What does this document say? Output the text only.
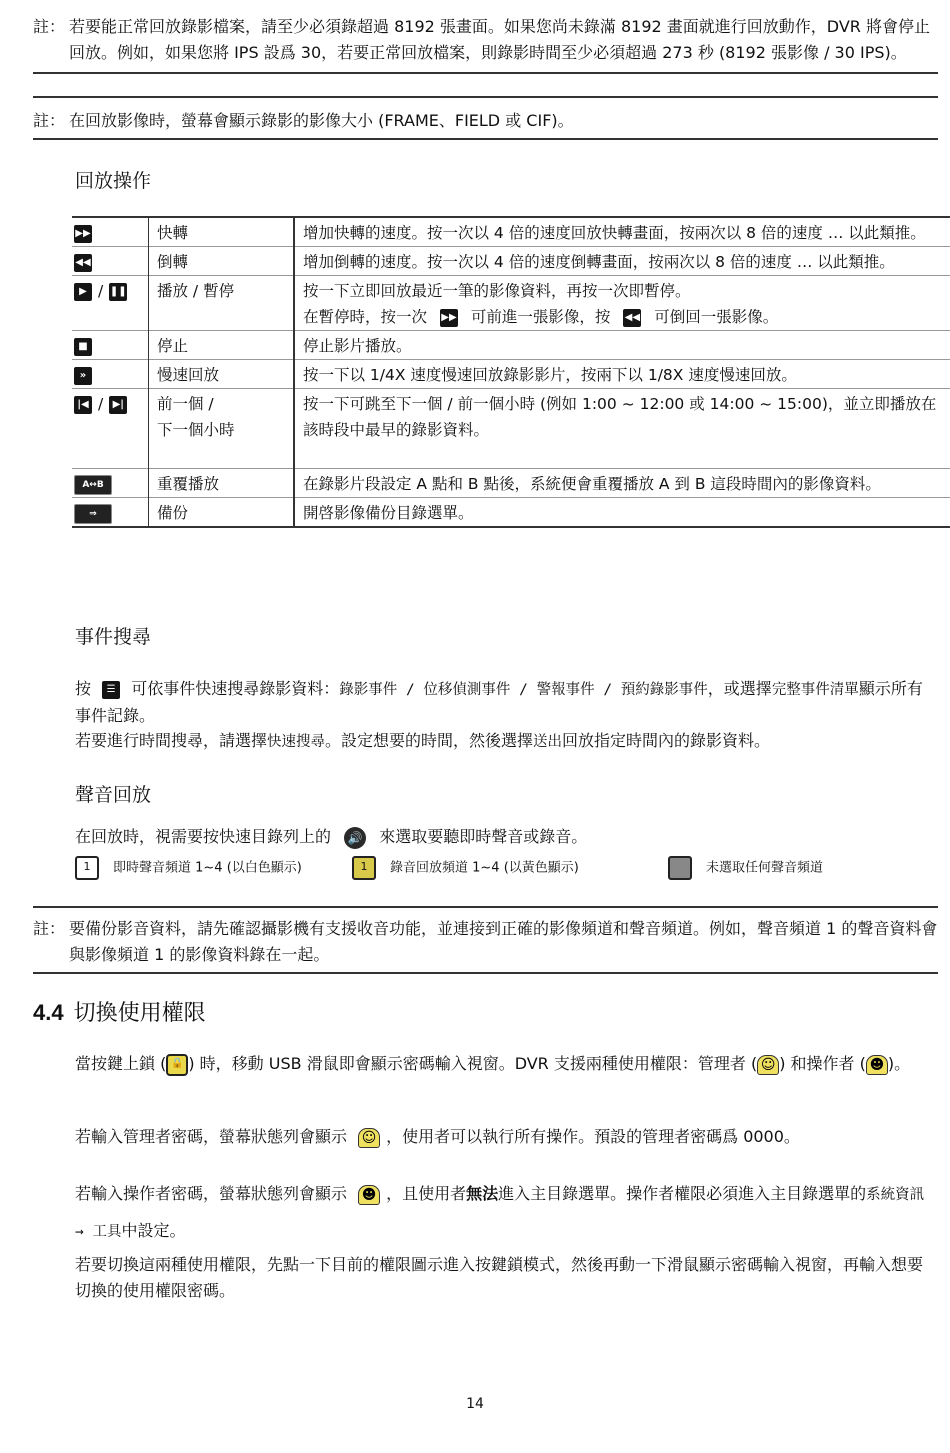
註： 若要能正常回放錄影檔案，請至少必須錄超過 8192 張畫面。如果您尚未錄滿 8192 畫面就進行回放動作，DVR 將會停止回放。例如，如果您將 IPS 設爲 30，若要正常回放檔案，則錄影時間至少必須超過 273 秒 (8192 張影像 / 30 IPS)。
註： 在回放影像時，螢幕會顯示錄影的影像大小 (FRAME、FIELD 或 CIF)。
回放操作
▶▶	快轉	增加快轉的速度。按一次以 4 倍的速度回放快轉畫面，按兩次以 8 倍的速度 … 以此類推。
◀◀	倒轉	增加倒轉的速度。按一次以 4 倍的速度倒轉畫面，按兩次以 8 倍的速度 … 以此類推。
▶ / ❚❚	播放 / 暫停	按一下立即回放最近一筆的影像資料，再按一次即暫停。
在暫停時，按一次 ▶▶ 可前進一張影像，按 ◀◀ 可倒回一張影像。

■	停止	停止影片播放。
»	慢速回放	按一下以 1/4X 速度慢速回放錄影影片，按兩下以 1/8X 速度慢速回放。
|◀ / ▶|	前一個 /
下一個小時	按一下可跳至下一個 / 前一個小時 (例如 1:00 ~ 12:00 或 14:00 ~ 15:00)，並立即播放在該時段中最早的錄影資料。
A↔B	重覆播放	在錄影片段設定 A 點和 B 點後，系統便會重覆播放 A 到 B 這段時間內的影像資料。
⇒	備份	開啓影像備份目錄選單。
事件搜尋
按 ☰ 可依事件快速搜尋錄影資料：錄影事件 / 位移偵測事件 / 警報事件 / 預約錄影事件，或選擇完整事件清單顯示所有事件記錄。
若要進行時間搜尋，請選擇快速搜尋。設定想要的時間，然後選擇送出回放指定時間內的錄影資料。
聲音回放
在回放時，視需要按快速目錄列上的 🔊 來選取要聽即時聲音或錄音。
1 即時聲音頻道 1~4 (以白色顯示)	1 錄音回放頻道 1~4 (以黃色顯示)	未選取任何聲音頻道
註： 要備份影音資料，請先確認攝影機有支援收音功能，並連接到正確的影像頻道和聲音頻道。例如，聲音頻道 1 的聲音資料會與影像頻道 1 的影像資料錄在一起。
4.4 切換使用權限
當按鍵上鎖 ( 🔒 ) 時，移動 USB 滑鼠即會顯示密碼輸入視窗。DVR 支援兩種使用權限：管理者 ( ☺ ) 和操作者 ( ☻ )。
若輸入管理者密碼，螢幕狀態列會顯示 ☺ ，使用者可以執行所有操作。預設的管理者密碼爲 0000。
若輸入操作者密碼，螢幕狀態列會顯示 ☻ ，且使用者無法進入主目錄選單。操作者權限必須進入主目錄選單的系統資訊 → 工具中設定。
若要切換這兩種使用權限，先點一下目前的權限圖示進入按鍵鎖模式，然後再動一下滑鼠顯示密碼輸入視窗，再輸入想要切換的使用權限密碼。
14
